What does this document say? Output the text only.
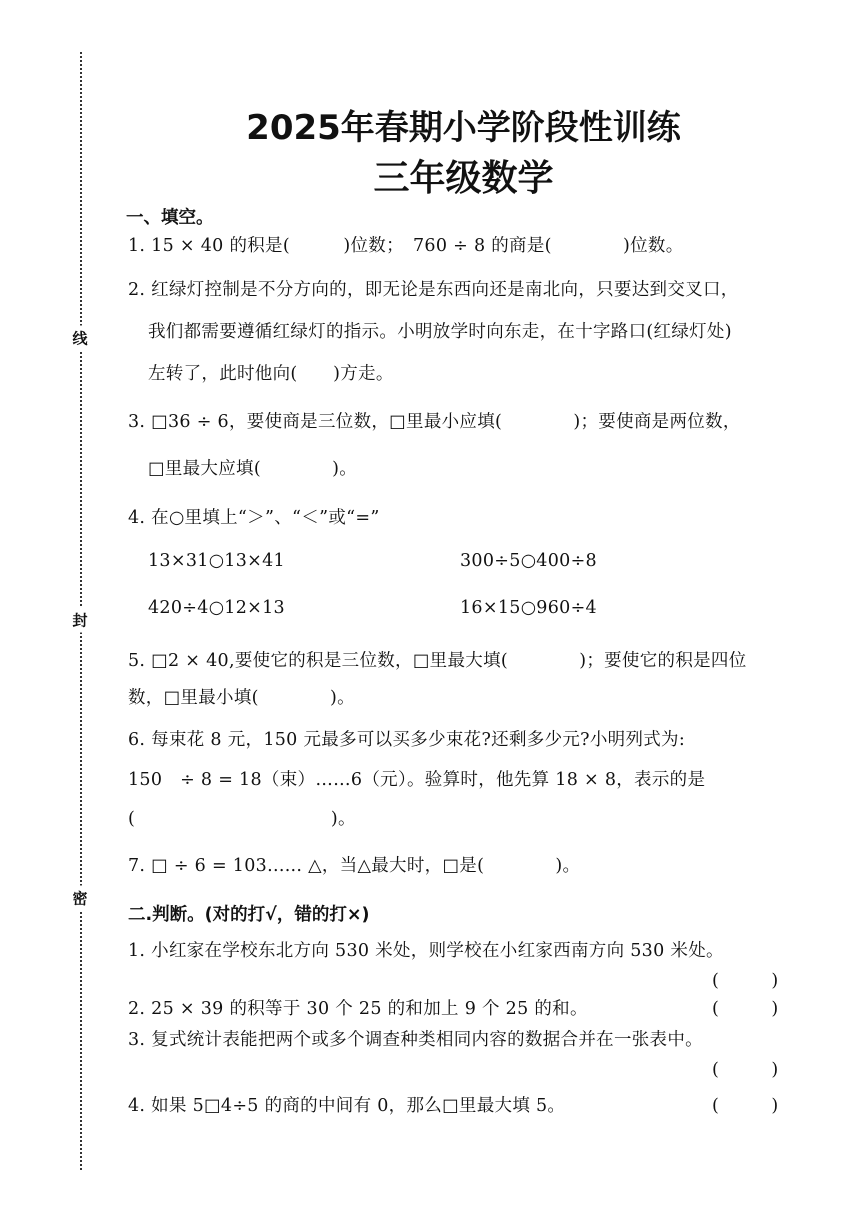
线
封
密
2025年春期小学阶段性训练
三年级数学
一、填空。
1. 15 × 40 的积是(　　　)位数；　760 ÷ 8 的商是(　　　　)位数。
2. 红绿灯控制是不分方向的，即无论是东西向还是南北向，只要达到交叉口，
我们都需要遵循红绿灯的指示。小明放学时向东走，在十字路口(红绿灯处)
左转了，此时他向(　　)方走。
3. □36 ÷ 6，要使商是三位数，□里最小应填(　　　　)；要使商是两位数，
□里最大应填(　　　　)。
4. 在○里填上“＞”、“＜”或“=”
13×31○13×41	300÷5○400÷8
420÷4○12×13	16×15○960÷4
5. □2 × 40,要使它的积是三位数，□里最大填(　　　　)；要使它的积是四位
数，□里最小填(　　　　)。
6. 每束花 8 元，150 元最多可以买多少束花?还剩多少元?小明列式为:
150　÷ 8 = 18（束）……6（元）。验算时，他先算 18 × 8，表示的是
(　　　　　　　　　　　)。
7. □ ÷ 6 = 103...... △，当△最大时，□是(　　　　)。
二.判断。(对的打√，错的打×)
1. 小红家在学校东北方向 530 米处，则学校在小红家西南方向 530 米处。
(　　　)
2. 25 × 39 的积等于 30 个 25 的和加上 9 个 25 的和。	(　　　)
3. 复式统计表能把两个或多个调查种类相同内容的数据合并在一张表中。
(　　　)
4. 如果 5□4÷5 的商的中间有 0，那么□里最大填 5。	(　　　)
